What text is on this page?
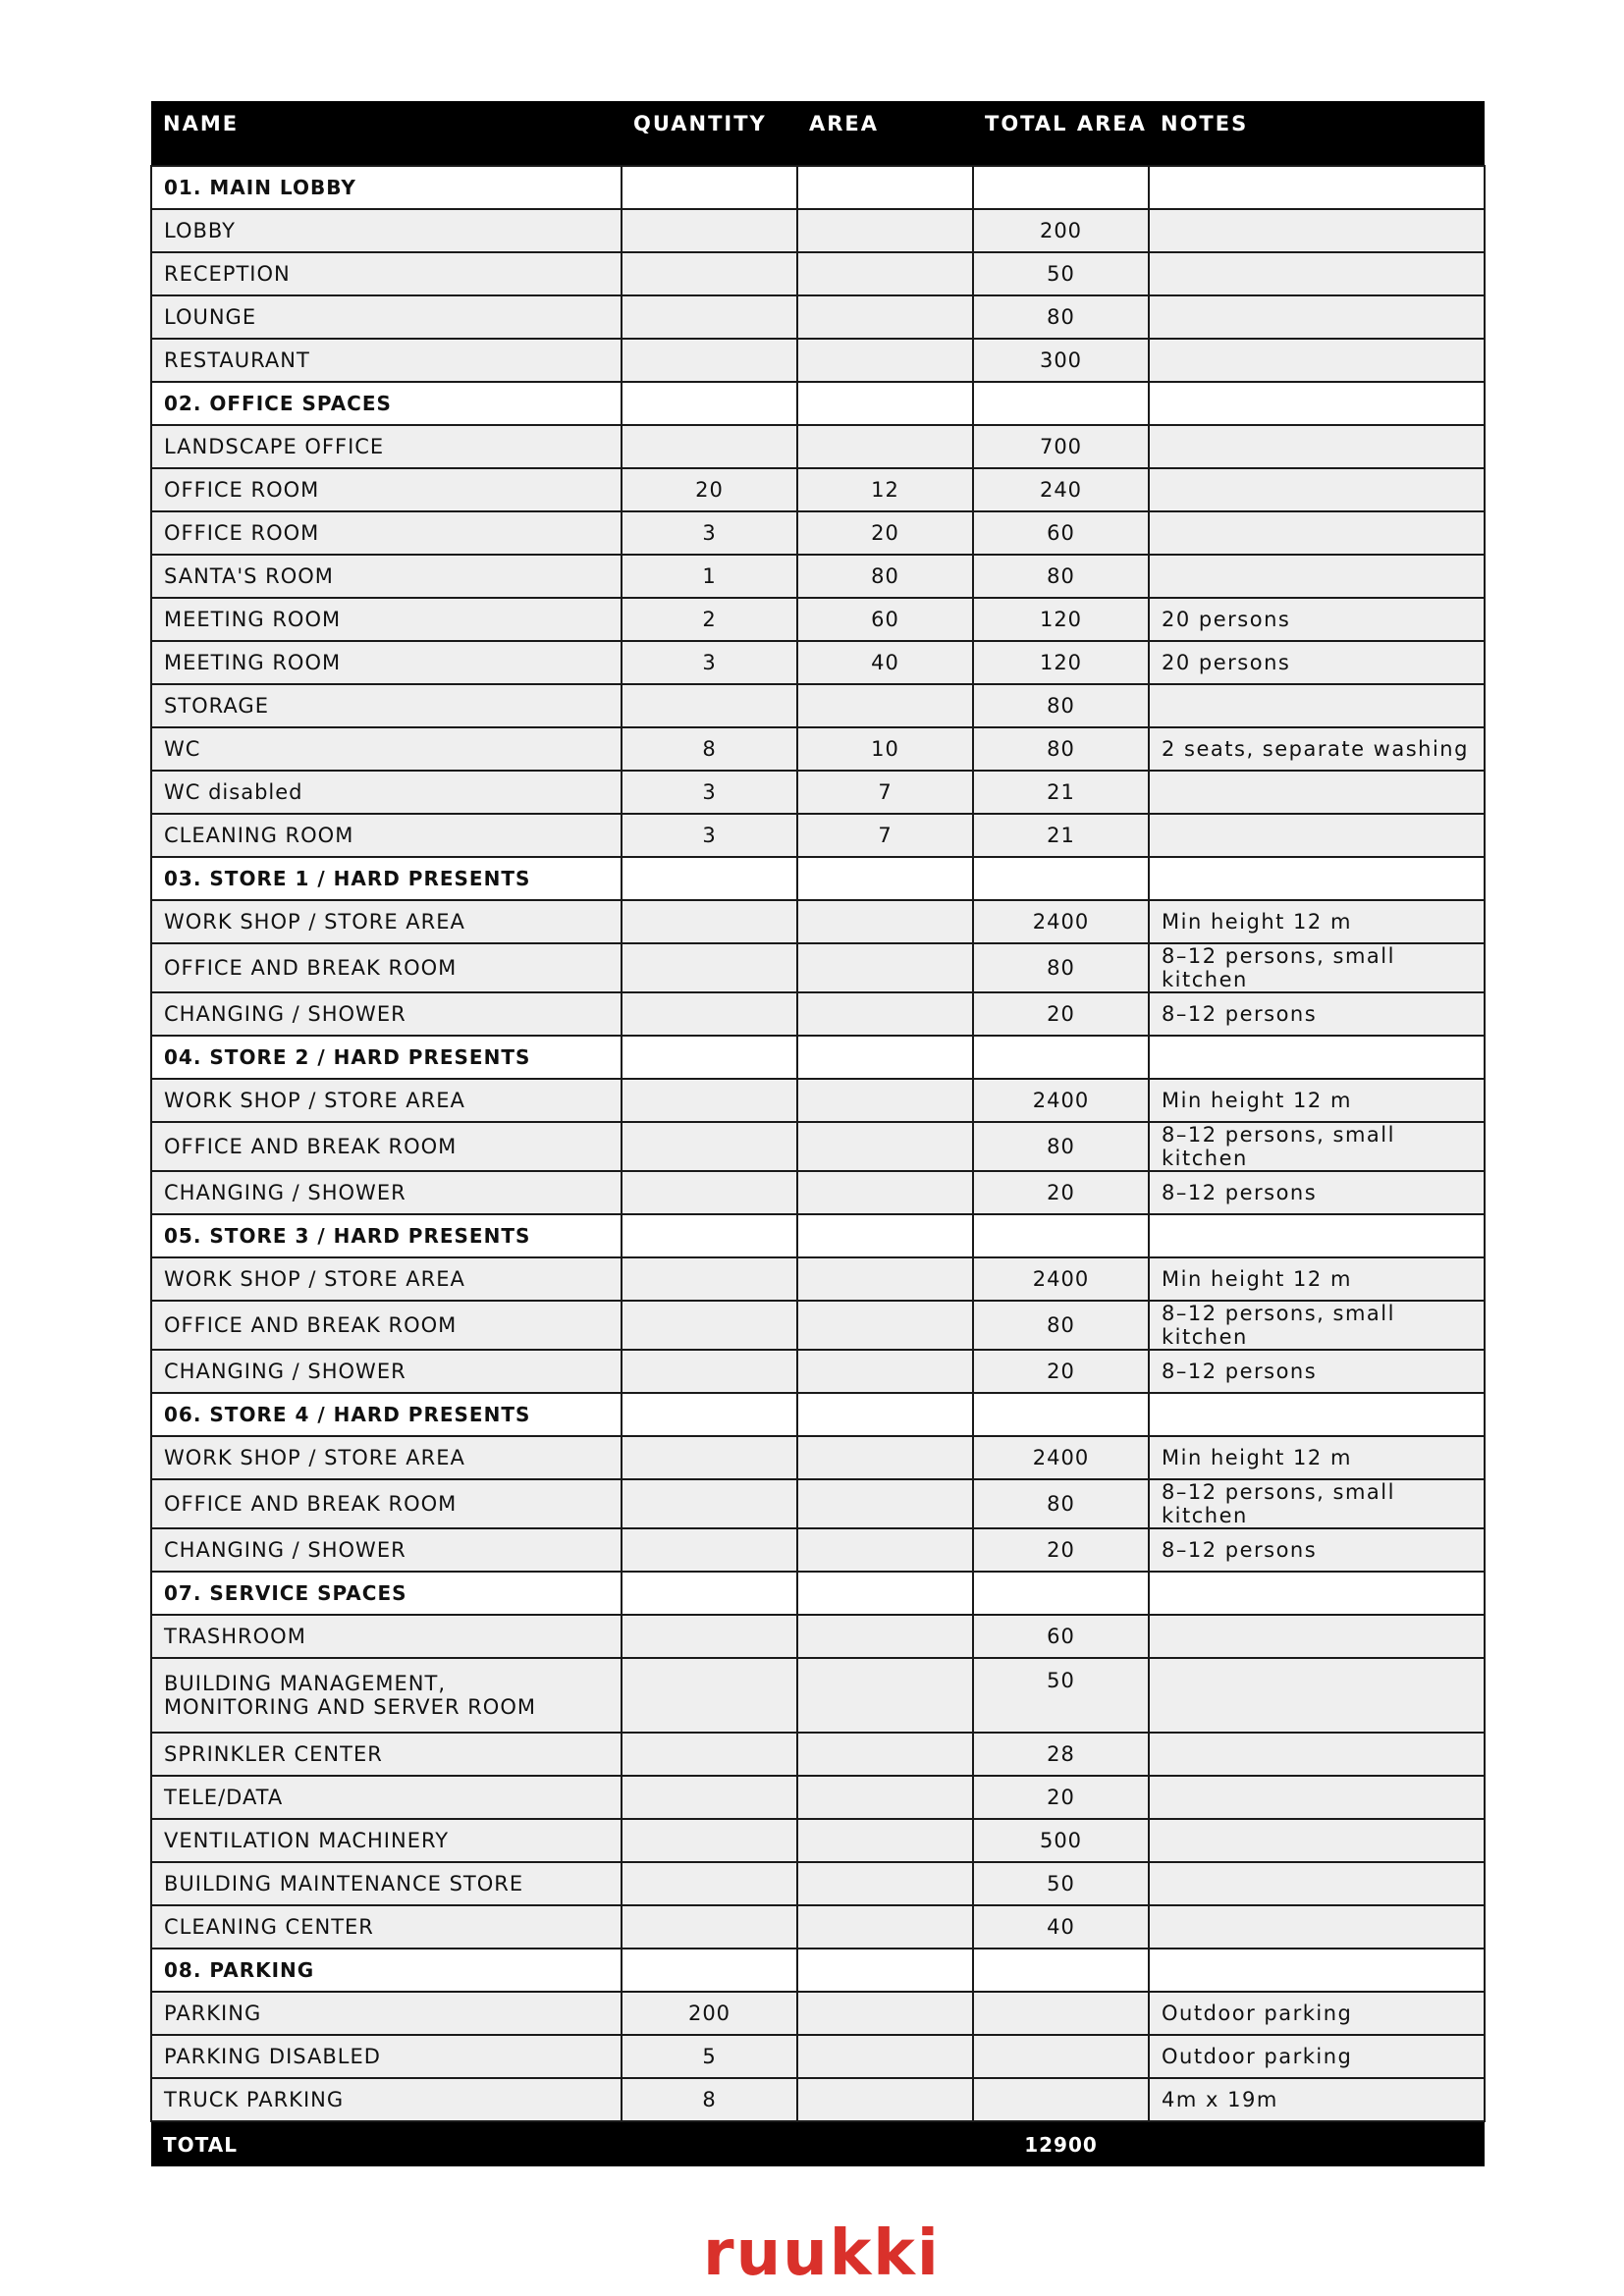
NAME	QUANTITY	AREA	TOTAL AREA	NOTES
01. MAIN LOBBY				
LOBBY			200	
RECEPTION			50	
LOUNGE			80	
RESTAURANT			300	
02. OFFICE SPACES				
LANDSCAPE OFFICE			700	
OFFICE ROOM	20	12	240	
OFFICE ROOM	3	20	60	
SANTA'S ROOM	1	80	80	
MEETING ROOM	2	60	120	20 persons
MEETING ROOM	3	40	120	20 persons
STORAGE			80	
WC	8	10	80	2 seats, separate washing
WC disabled	3	7	21	
CLEANING ROOM	3	7	21	
03. STORE 1 / HARD PRESENTS				
WORK SHOP / STORE AREA			2400	Min height 12 m
OFFICE AND BREAK ROOM			80	8–12 persons, small kitchen
CHANGING / SHOWER			20	8–12 persons
04. STORE 2 / HARD PRESENTS				
WORK SHOP / STORE AREA			2400	Min height 12 m
OFFICE AND BREAK ROOM			80	8–12 persons, small kitchen
CHANGING / SHOWER			20	8–12 persons
05. STORE 3 / HARD PRESENTS				
WORK SHOP / STORE AREA			2400	Min height 12 m
OFFICE AND BREAK ROOM			80	8–12 persons, small kitchen
CHANGING / SHOWER			20	8–12 persons
06. STORE 4 / HARD PRESENTS				
WORK SHOP / STORE AREA			2400	Min height 12 m
OFFICE AND BREAK ROOM			80	8–12 persons, small kitchen
CHANGING / SHOWER			20	8–12 persons
07. SERVICE SPACES				
TRASHROOM			60	
BUILDING MANAGEMENT,
MONITORING AND SERVER ROOM			50	
SPRINKLER CENTER			28	
TELE/DATA			20	
VENTILATION MACHINERY			500	
BUILDING MAINTENANCE STORE			50	
CLEANING CENTER			40	
08. PARKING				
PARKING	200			Outdoor parking
PARKING DISABLED	5			Outdoor parking
TRUCK PARKING	8			4m x 19m
TOTAL			12900	
ruukki
